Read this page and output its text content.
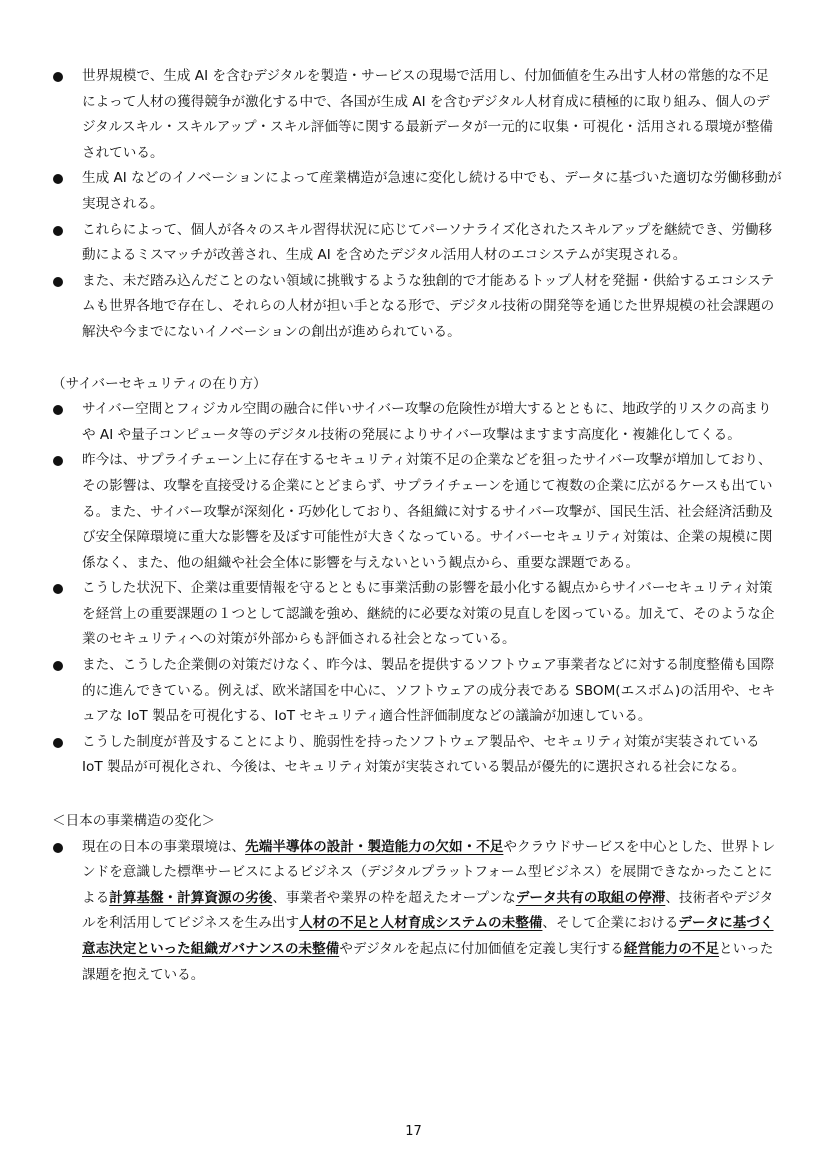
世界規模で、生成 AI を含むデジタルを製造・サービスの現場で活用し、付加価値を生み出す人材の常態的な不足によって人材の獲得競争が激化する中で、各国が生成 AI を含むデジタル人材育成に積極的に取り組み、個人のデジタルスキル・スキルアップ・スキル評価等に関する最新データが一元的に収集・可視化・活用される環境が整備されている。
生成 AI などのイノベーションによって産業構造が急速に変化し続ける中でも、データに基づいた適切な労働移動が実現される。
これらによって、個人が各々のスキル習得状況に応じてパーソナライズ化されたスキルアップを継続でき、労働移動によるミスマッチが改善され、生成 AI を含めたデジタル活用人材のエコシステムが実現される。
また、未だ踏み込んだことのない領域に挑戦するような独創的で才能あるトップ人材を発掘・供給するエコシステムも世界各地で存在し、それらの人材が担い手となる形で、デジタル技術の開発等を通じた世界規模の社会課題の解決や今までにないイノベーションの創出が進められている。
（サイバーセキュリティの在り方）
サイバー空間とフィジカル空間の融合に伴いサイバー攻撃の危険性が増大するとともに、地政学的リスクの高まりや AI や量子コンピュータ等のデジタル技術の発展によりサイバー攻撃はますます高度化・複雑化してくる。
昨今は、サプライチェーン上に存在するセキュリティ対策不足の企業などを狙ったサイバー攻撃が増加しており、その影響は、攻撃を直接受ける企業にとどまらず、サプライチェーンを通じて複数の企業に広がるケースも出ている。また、サイバー攻撃が深刻化・巧妙化しており、各組織に対するサイバー攻撃が、国民生活、社会経済活動及び安全保障環境に重大な影響を及ぼす可能性が大きくなっている。サイバーセキュリティ対策は、企業の規模に関係なく、また、他の組織や社会全体に影響を与えないという観点から、重要な課題である。
こうした状況下、企業は重要情報を守るとともに事業活動の影響を最小化する観点からサイバーセキュリティ対策を経営上の重要課題の１つとして認識を強め、継続的に必要な対策の見直しを図っている。加えて、そのような企業のセキュリティへの対策が外部からも評価される社会となっている。
また、こうした企業側の対策だけなく、昨今は、製品を提供するソフトウェア事業者などに対する制度整備も国際的に進んできている。例えば、欧米諸国を中心に、ソフトウェアの成分表である SBOM(エスボム)の活用や、セキュアな IoT 製品を可視化する、IoT セキュリティ適合性評価制度などの議論が加速している。
こうした制度が普及することにより、脆弱性を持ったソフトウェア製品や、セキュリティ対策が実装されている IoT 製品が可視化され、今後は、セキュリティ対策が実装されている製品が優先的に選択される社会になる。
＜日本の事業構造の変化＞
現在の日本の事業環境は、先端半導体の設計・製造能力の欠如・不足やクラウドサービスを中心とした、世界トレンドを意識した標準サービスによるビジネス（デジタルプラットフォーム型ビジネス）を展開できなかったことによる計算基盤・計算資源の劣後、事業者や業界の枠を超えたオープンなデータ共有の取組の停滞、技術者やデジタルを利活用してビジネスを生み出す人材の不足と人材育成システムの未整備、そして企業におけるデータに基づく意志決定といった組織ガバナンスの未整備やデジタルを起点に付加価値を定義し実行する経営能力の不足といった課題を抱えている。
17
